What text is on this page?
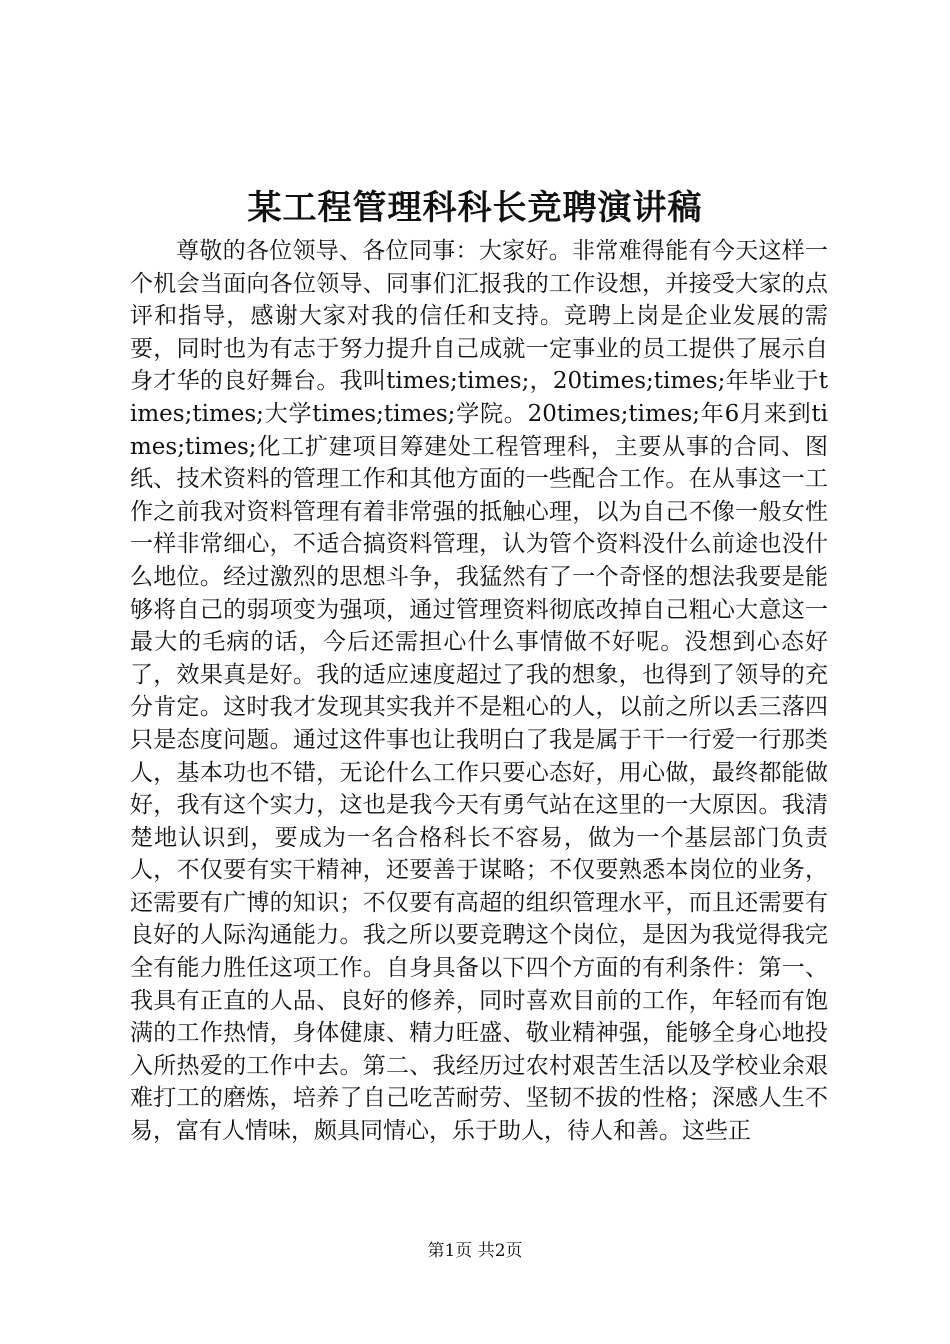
某工程管理科科长竞聘演讲稿

尊敬的各位领导、各位同事：大家好。非常难得能有今天这样一个机会当面向各位领导、同事们汇报我的工作设想，并接受大家的点评和指导，感谢大家对我的信任和支持。竞聘上岗是企业发展的需要，同时也为有志于努力提升自己成就一定事业的员工提供了展示自身才华的良好舞台。我叫times;times;，20times;times;年毕业于times;times;大学times;times;学院。20times;times;年6月来到times;times;化工扩建项目筹建处工程管理科，主要从事的合同、图纸、技术资料的管理工作和其他方面的一些配合工作。在从事这一工作之前我对资料管理有着非常强的抵触心理，以为自己不像一般女性一样非常细心，不适合搞资料管理，认为管个资料没什么前途也没什么地位。经过激烈的思想斗争，我猛然有了一个奇怪的想法我要是能够将自己的弱项变为强项，通过管理资料彻底改掉自己粗心大意这一最大的毛病的话，今后还需担心什么事情做不好呢。没想到心态好了，效果真是好。我的适应速度超过了我的想象，也得到了领导的充分肯定。这时我才发现其实我并不是粗心的人，以前之所以丢三落四只是态度问题。通过这件事也让我明白了我是属于干一行爱一行那类人，基本功也不错，无论什么工作只要心态好，用心做，最终都能做好，我有这个实力，这也是我今天有勇气站在这里的一大原因。我清楚地认识到，要成为一名合格科长不容易，做为一个基层部门负责人，不仅要有实干精神，还要善于谋略；不仅要熟悉本岗位的业务，还需要有广博的知识；不仅要有高超的组织管理水平，而且还需要有良好的人际沟通能力。我之所以要竞聘这个岗位，是因为我觉得我完全有能力胜任这项工作。自身具备以下四个方面的有利条件：第一、我具有正直的人品、良好的修养，同时喜欢目前的工作，年轻而有饱满的工作热情，身体健康、精力旺盛、敬业精神强，能够全身心地投入所热爱的工作中去。第二、我经历过农村艰苦生活以及学校业余艰难打工的磨炼，培养了自己吃苦耐劳、坚韧不拔的性格；深感人生不易，富有人情味，颇具同情心，乐于助人，待人和善。这些正

第1页 共2页
